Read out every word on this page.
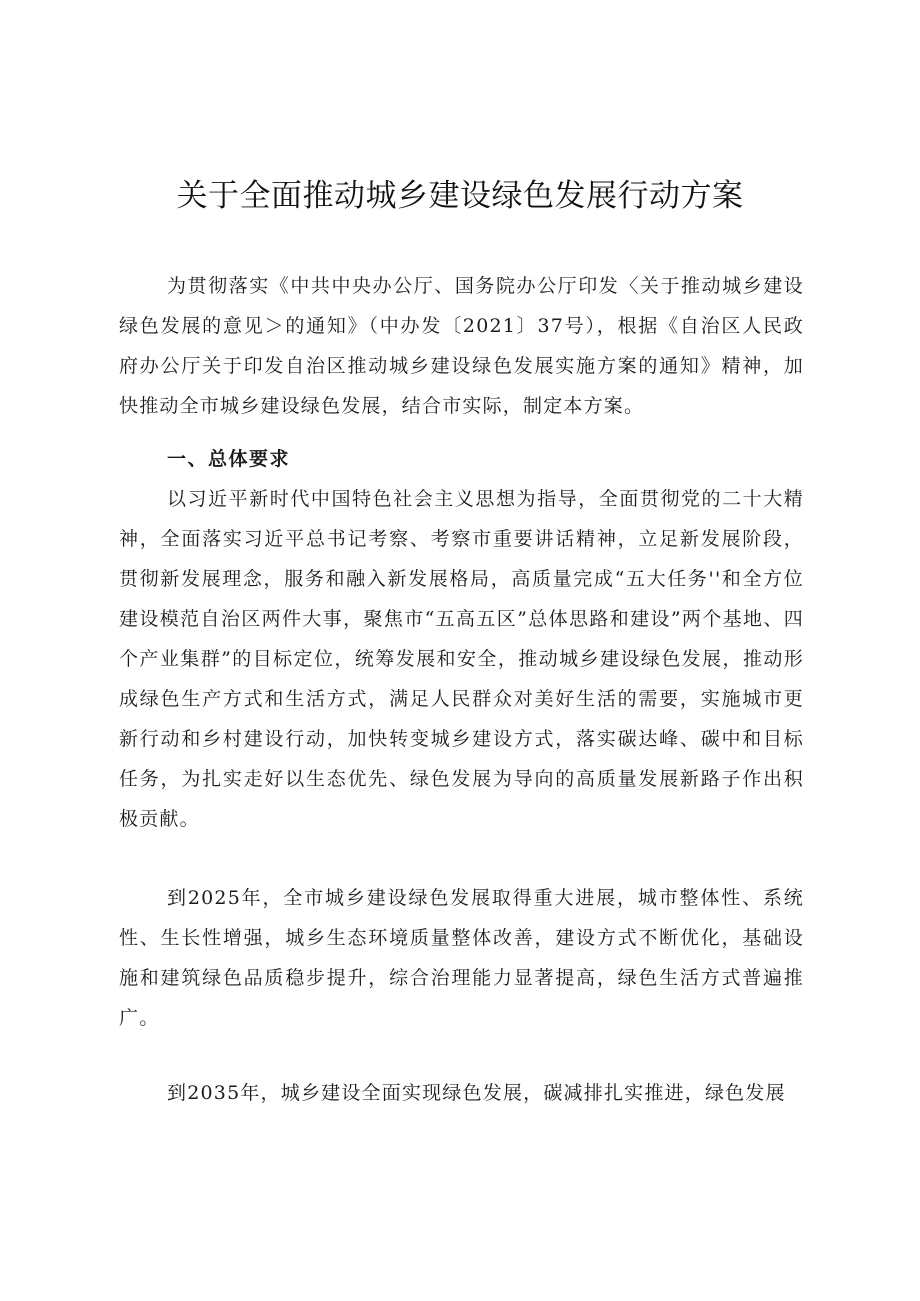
关于全面推动城乡建设绿色发展行动方案

为贯彻落实《中共中央办公厅、国务院办公厅印发〈关于推动城乡建设绿色发展的意见＞的通知》（中办发〔2021〕37号），根据《自治区人民政府办公厅关于印发自治区推动城乡建设绿色发展实施方案的通知》精神，加快推动全市城乡建设绿色发展，结合市实际，制定本方案。

一、总体要求

以习近平新时代中国特色社会主义思想为指导，全面贯彻党的二十大精神，全面落实习近平总书记考察、考察市重要讲话精神，立足新发展阶段，贯彻新发展理念，服务和融入新发展格局，高质量完成“五大任务''和全方位建设模范自治区两件大事，聚焦市“五高五区”总体思路和建设”两个基地、四个产业集群”的目标定位，统筹发展和安全，推动城乡建设绿色发展，推动形成绿色生产方式和生活方式，满足人民群众对美好生活的需要，实施城市更新行动和乡村建设行动，加快转变城乡建设方式，落实碳达峰、碳中和目标任务，为扎实走好以生态优先、绿色发展为导向的高质量发展新路子作出积极贡献。

到2025年，全市城乡建设绿色发展取得重大进展，城市整体性、系统性、生长性增强，城乡生态环境质量整体改善，建设方式不断优化，基础设施和建筑绿色品质稳步提升，综合治理能力显著提高，绿色生活方式普遍推广。

到2035年，城乡建设全面实现绿色发展，碳减排扎实推进，绿色发展
